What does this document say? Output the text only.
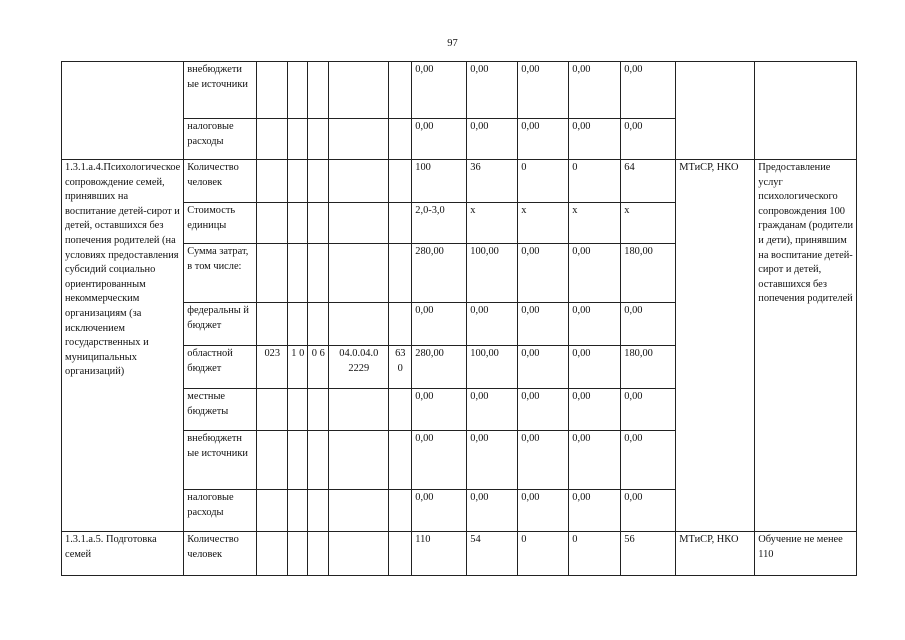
97
	внебюджети ые источники						0,00	0,00	0,00	0,00	0,00		
	налоговые расходы						0,00	0,00	0,00	0,00	0,00		
1.3.1.а.4.Психологическое сопровождение семей, принявших на воспитание детей-сирот и детей, оставшихся без попечения родителей (на условиях предоставления субсидий социально ориентированным некоммерческим организациям (за исключением государственных и муниципальных организаций)	Количество человек						100	36	0	0	64	МТиСР, НКО	Предоставление услуг психологического сопровождения 100 гражданам (родители и дети), принявшим на воспитание детей-сирот и детей, оставшихся без попечения родителей
	Стоимость единицы						2,0-3,0	х	х	х	х		
	Сумма затрат, в том числе:						280,00	100,00	0,00	0,00	180,00		
	федеральны й бюджет						0,00	0,00	0,00	0,00	0,00		
	областной бюджет	023	1 0	0 6	04.0.04.0 2229	63 0	280,00	100,00	0,00	0,00	180,00		
	местные бюджеты						0,00	0,00	0,00	0,00	0,00		
	внебюджетн ые источники						0,00	0,00	0,00	0,00	0,00		
	налоговые расходы						0,00	0,00	0,00	0,00	0,00		
1.3.1.а.5. Подготовка семей	Количество человек						110	54	0	0	56	МТиСР, НКО	Обучение не менее 110
